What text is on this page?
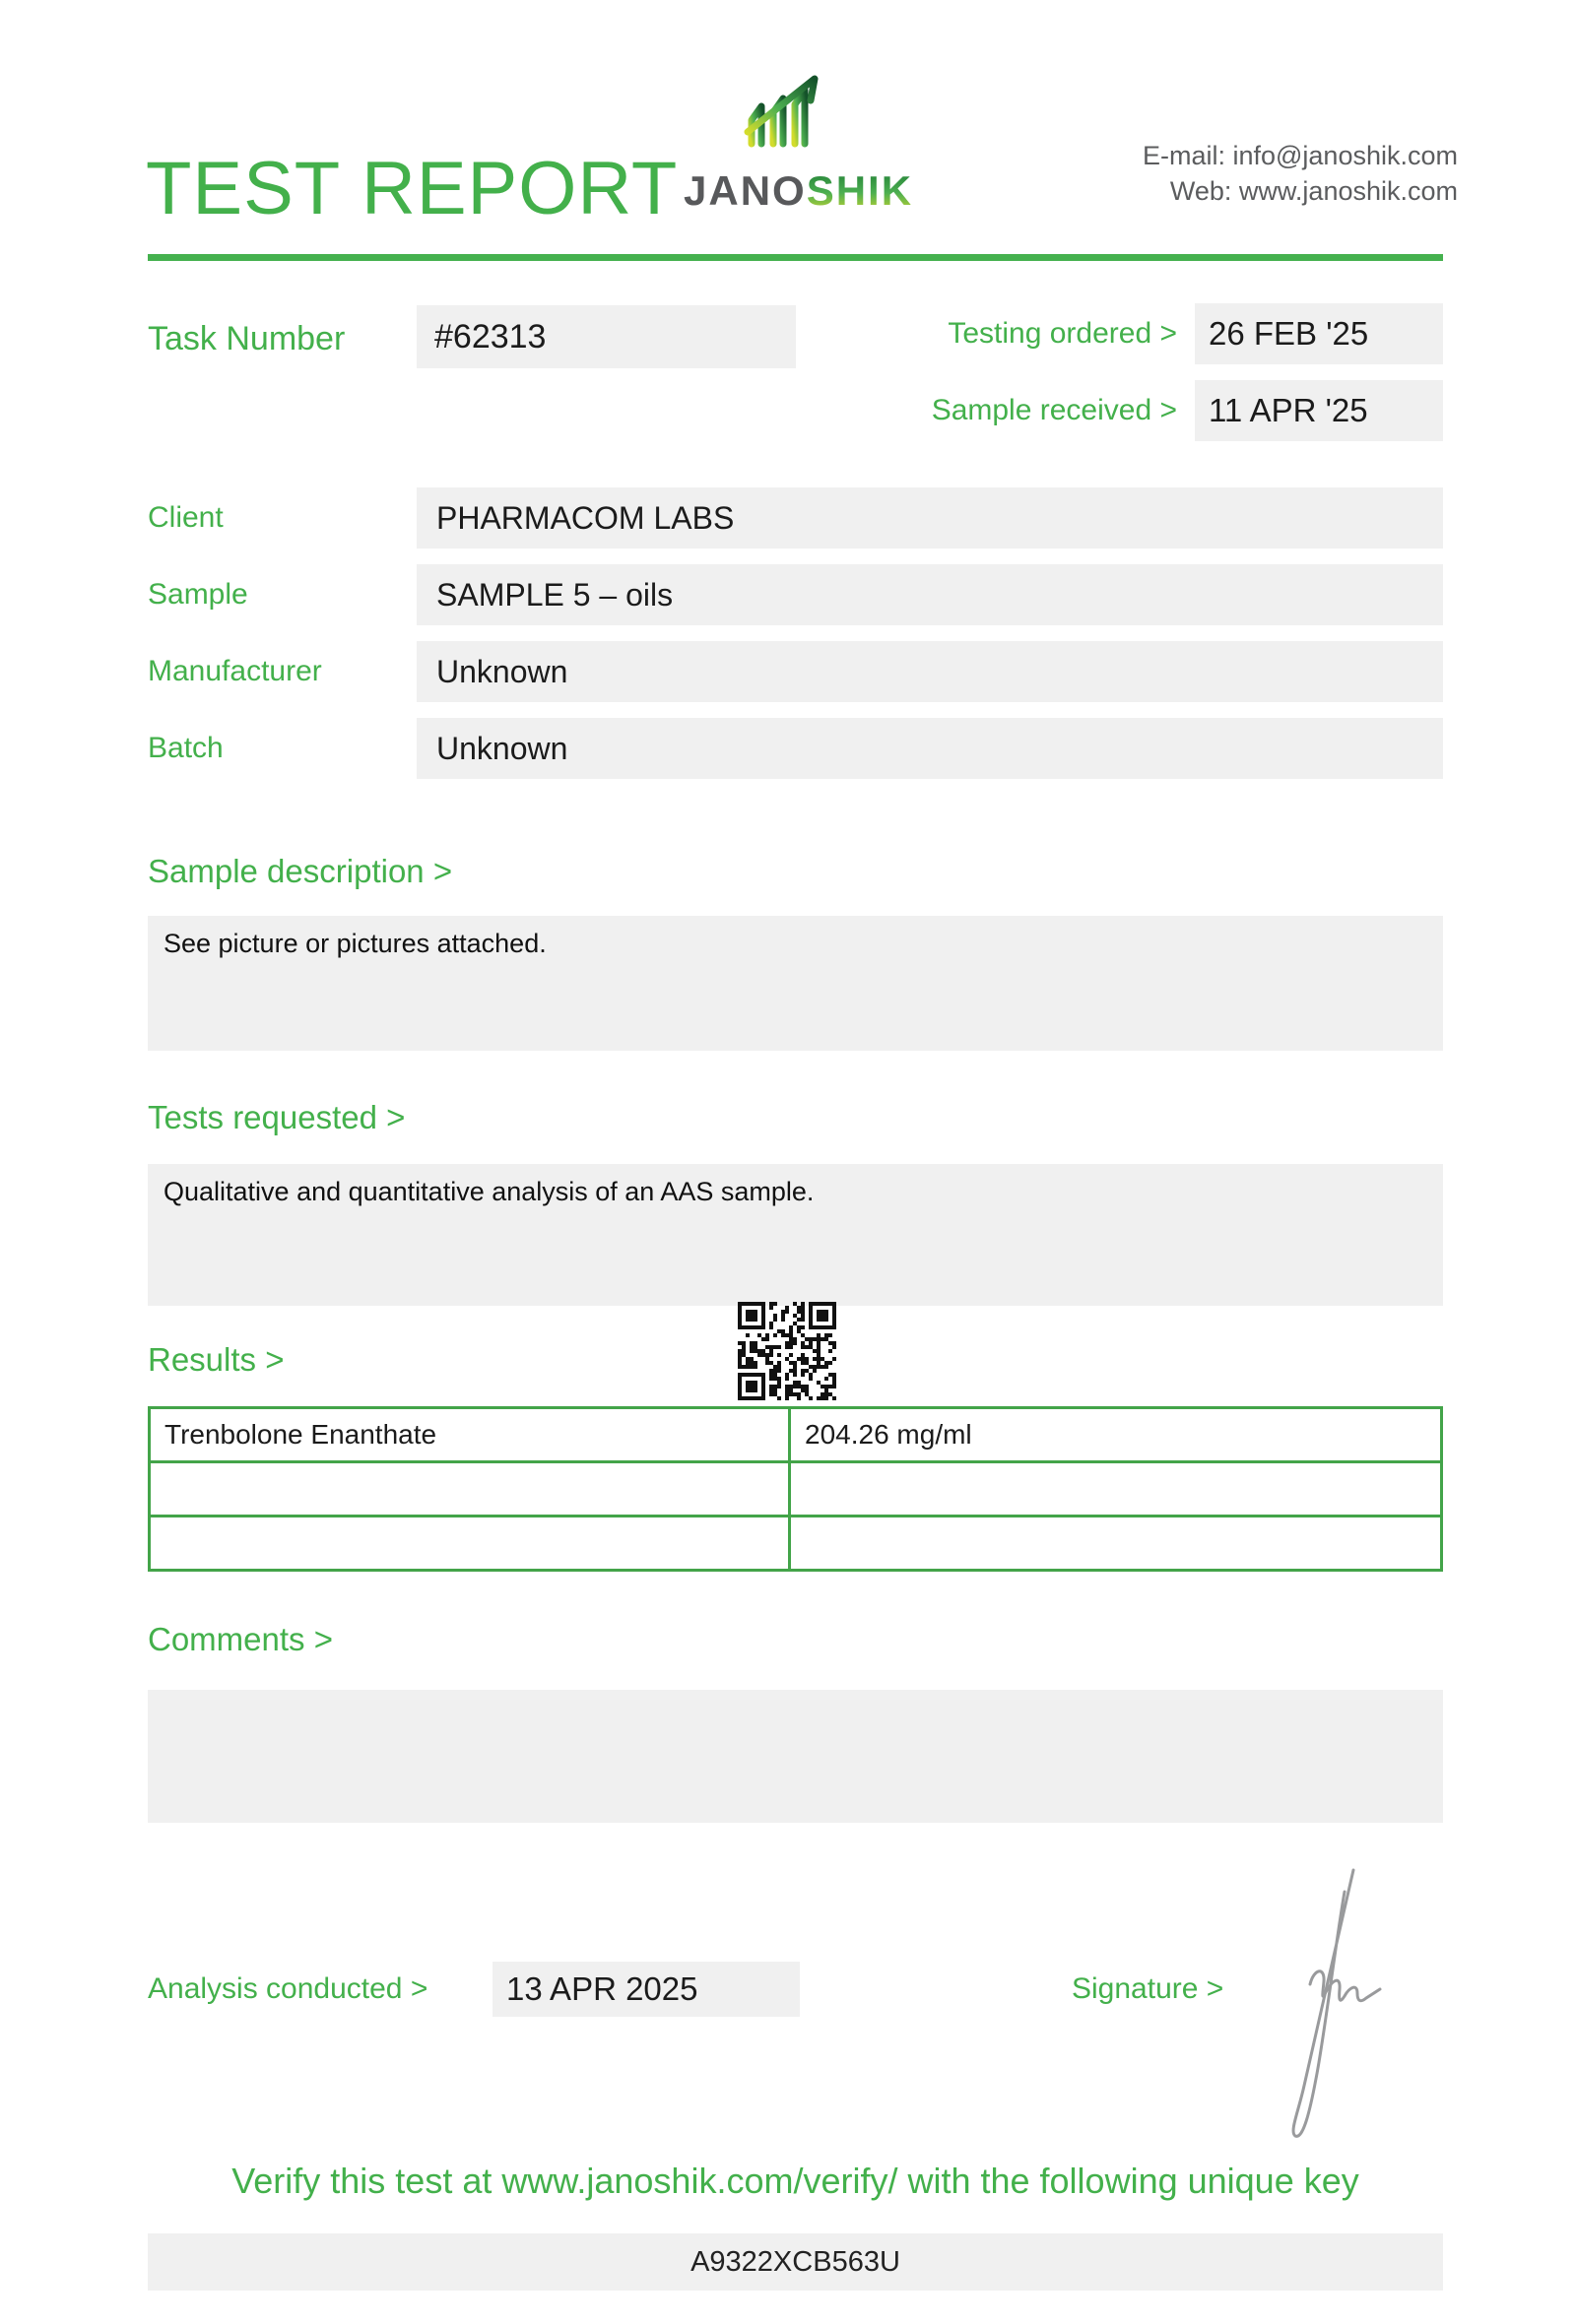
TEST REPORT JANOSHIK
E-mail: info@janoshik.com
Web: www.janoshik.com
Task Number	#62313	Testing ordered > 26 FEB '25
Sample received > 11 APR '25
Client	PHARMACOM LABS
Sample	SAMPLE 5 – oils
Manufacturer	Unknown
Batch	Unknown
Sample description >
See picture or pictures attached.
Tests requested >
Qualitative and quantitative analysis of an AAS sample.
Results >
Trenbolone Enanthate	204.26 mg/ml

Comments >
Analysis conducted >	13 APR 2025	Signature >
Verify this test at www.janoshik.com/verify/ with the following unique key
A9322XCB563U
